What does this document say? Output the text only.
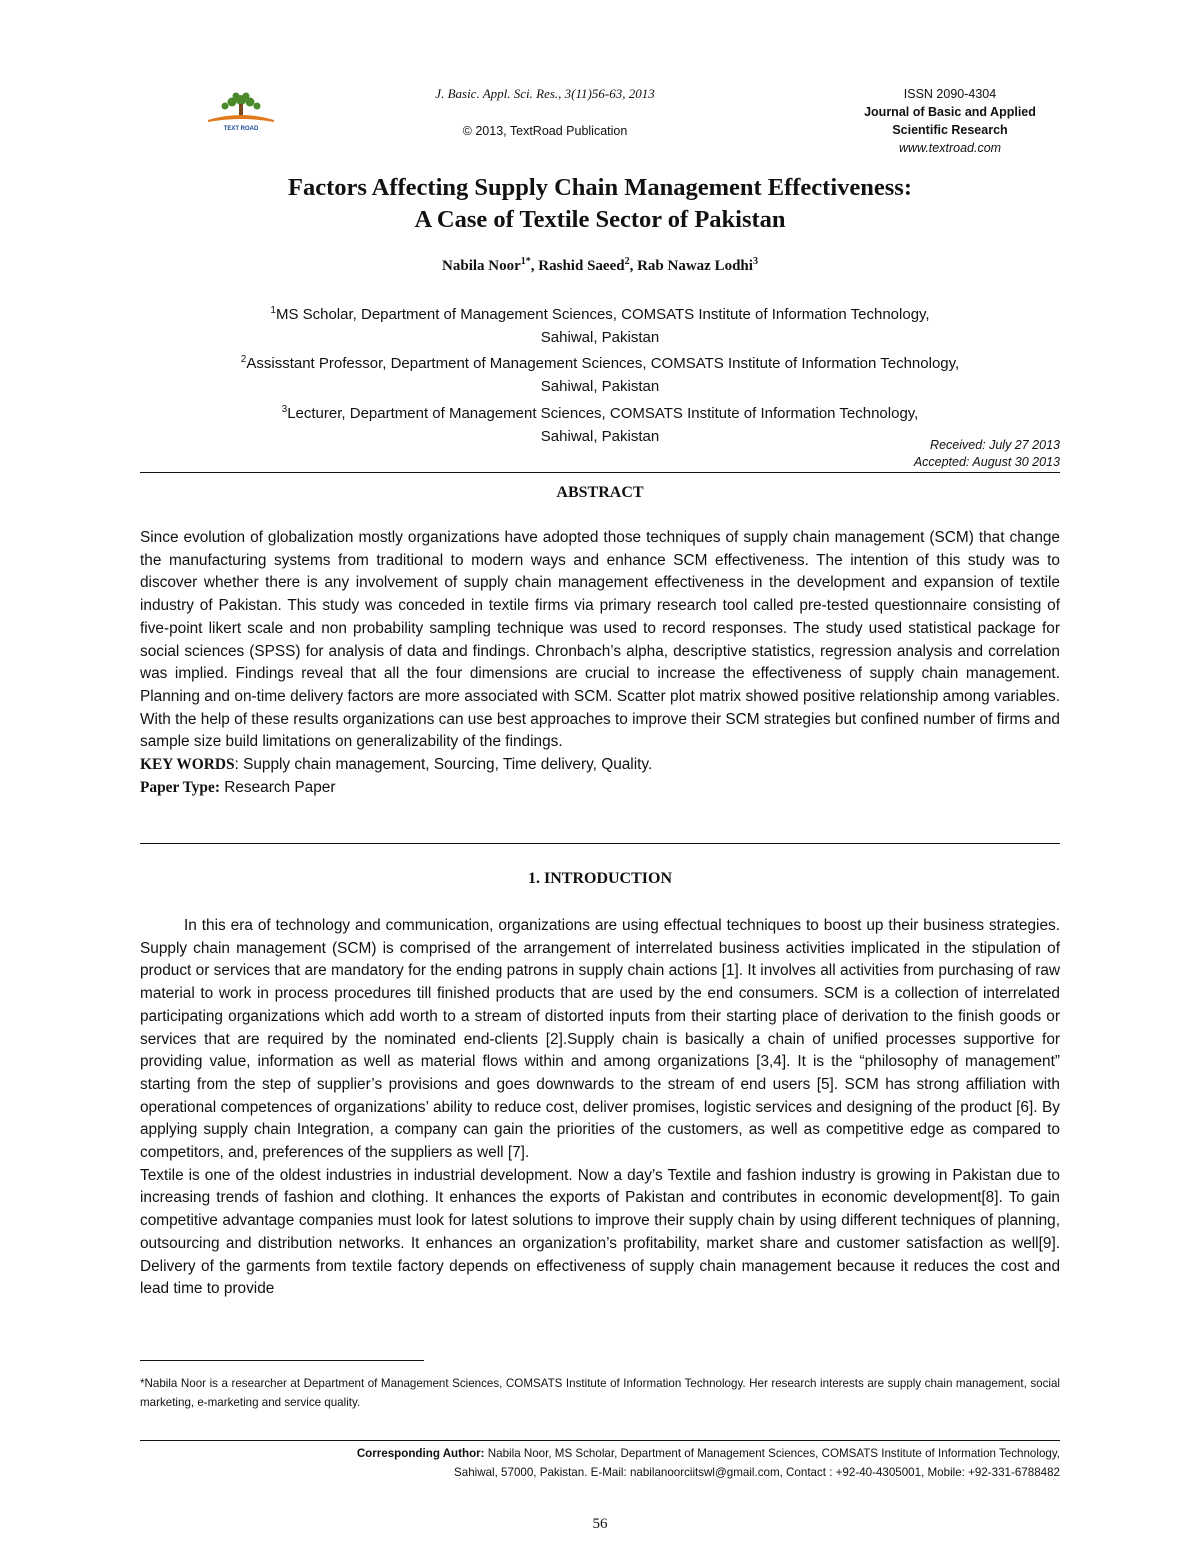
TEXT ROAD
J. Basic. Appl. Sci. Res., 3(11)56-63, 2013
© 2013, TextRoad Publication
ISSN 2090-4304
Journal of Basic and Applied
Scientific Research
www.textroad.com
Factors Affecting Supply Chain Management Effectiveness:
A Case of Textile Sector of Pakistan
Nabila Noor$^{1*}$, Rashid Saeed$^2$, Rab Nawaz Lodhi$^3$
$^1$MS Scholar, Department of Management Sciences, COMSATS Institute of Information Technology,
Sahiwal, Pakistan
$^2$Assisstant Professor, Department of Management Sciences, COMSATS Institute of Information Technology,
Sahiwal, Pakistan
$^3$Lecturer, Department of Management Sciences, COMSATS Institute of Information Technology,
Sahiwal, Pakistan
Received: July 27 2013
Accepted: August 30 2013
ABSTRACT
Since evolution of globalization mostly organizations have adopted those techniques of supply chain management (SCM) that change the manufacturing systems from traditional to modern ways and enhance SCM effectiveness. The intention of this study was to discover whether there is any involvement of supply chain management effectiveness in the development and expansion of textile industry of Pakistan. This study was conceded in textile firms via primary research tool called pre-tested questionnaire consisting of five-point likert scale and non probability sampling technique was used to record responses. The study used statistical package for social sciences (SPSS) for analysis of data and findings. Chronbach’s alpha, descriptive statistics, regression analysis and correlation was implied. Findings reveal that all the four dimensions are crucial to increase the effectiveness of supply chain management. Planning and on-time delivery factors are more associated with SCM. Scatter plot matrix showed positive relationship among variables. With the help of these results organizations can use best approaches to improve their SCM strategies but confined number of firms and sample size build limitations on generalizability of the findings.
KEY WORDS: Supply chain management, Sourcing, Time delivery, Quality.
Paper Type: Research Paper
1. INTRODUCTION
In this era of technology and communication, organizations are using effectual techniques to boost up their business strategies. Supply chain management (SCM) is comprised of the arrangement of interrelated business activities implicated in the stipulation of product or services that are mandatory for the ending patrons in supply chain actions [1]. It involves all activities from purchasing of raw material to work in process procedures till finished products that are used by the end consumers. SCM is a collection of interrelated participating organizations which add worth to a stream of distorted inputs from their starting place of derivation to the finish goods or services that are required by the nominated end-clients [2].Supply chain is basically a chain of unified processes supportive for providing value, information as well as material flows within and among organizations [3,4]. It is the “philosophy of management” starting from the step of supplier’s provisions and goes downwards to the stream of end users [5]. SCM has strong affiliation with operational competences of organizations’ ability to reduce cost, deliver promises, logistic services and designing of the product [6]. By applying supply chain Integration, a company can gain the priorities of the customers, as well as competitive edge as compared to competitors, and, preferences of the suppliers as well [7].
Textile is one of the oldest industries in industrial development. Now a day’s Textile and fashion industry is growing in Pakistan due to increasing trends of fashion and clothing. It enhances the exports of Pakistan and contributes in economic development[8]. To gain competitive advantage companies must look for latest solutions to improve their supply chain by using different techniques of planning, outsourcing and distribution networks. It enhances an organization’s profitability, market share and customer satisfaction as well[9]. Delivery of the garments from textile factory depends on effectiveness of supply chain management because it reduces the cost and lead time to provide
*Nabila Noor is a researcher at Department of Management Sciences, COMSATS Institute of Information Technology. Her research interests are supply chain management, social marketing, e-marketing and service quality.
Corresponding Author: Nabila Noor, MS Scholar, Department of Management Sciences, COMSATS Institute of Information Technology,
Sahiwal, 57000, Pakistan. E-Mail: nabilanoorciitswl@gmail.com, Contact : +92-40-4305001, Mobile: +92-331-6788482
56
